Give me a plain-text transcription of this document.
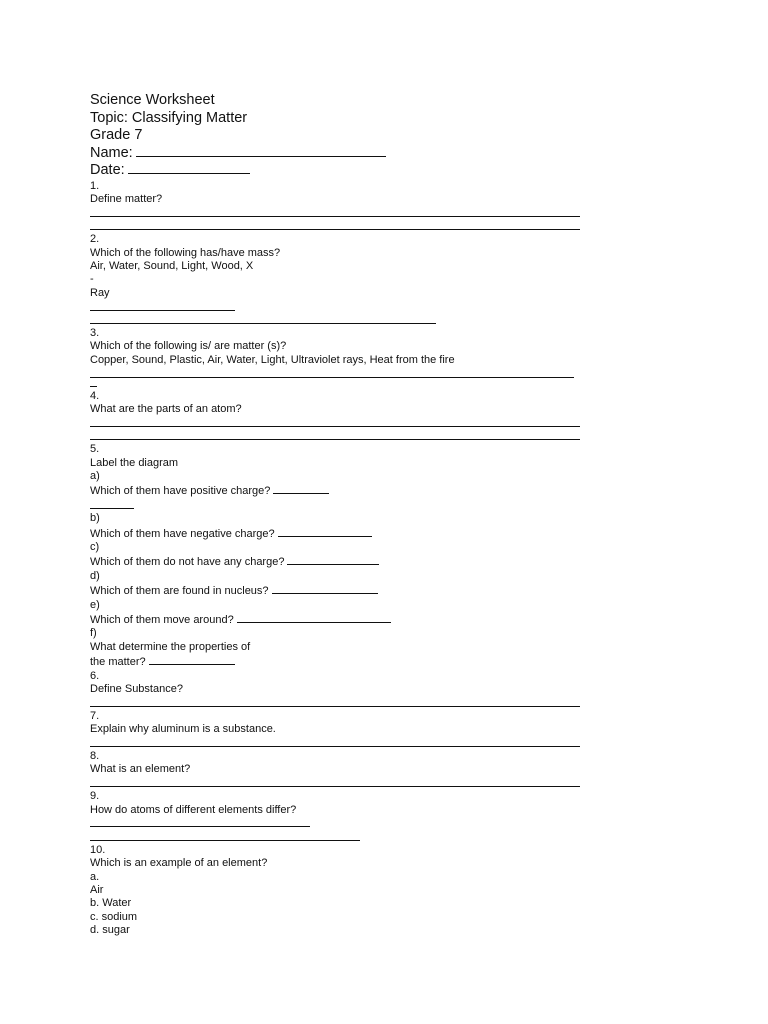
Science Worksheet
Topic: Classifying Matter
Grade 7
Name:
Date:
1.
Define matter?
2.
Which of the following has/have mass?
Air, Water, Sound, Light, Wood, X
-
Ray
3.
Which of the following is/ are matter (s)?
Copper, Sound, Plastic, Air, Water, Light, Ultraviolet rays, Heat from the fire
4.
What are the parts of an atom?
5.
Label the diagram
a)
Which of them have positive charge?
b)
Which of them have negative charge?
c)
Which of them do not have any charge?
d)
Which of them are found in nucleus?
e)
Which of them move around?
f)
What determine the properties of
the matter?
6.
Define Substance?
7.
Explain why aluminum is a substance.
8.
What is an element?
9.
How do atoms of different elements differ?
10.
Which is an example of an element?
a.
Air
b. Water
c. sodium
d. sugar
